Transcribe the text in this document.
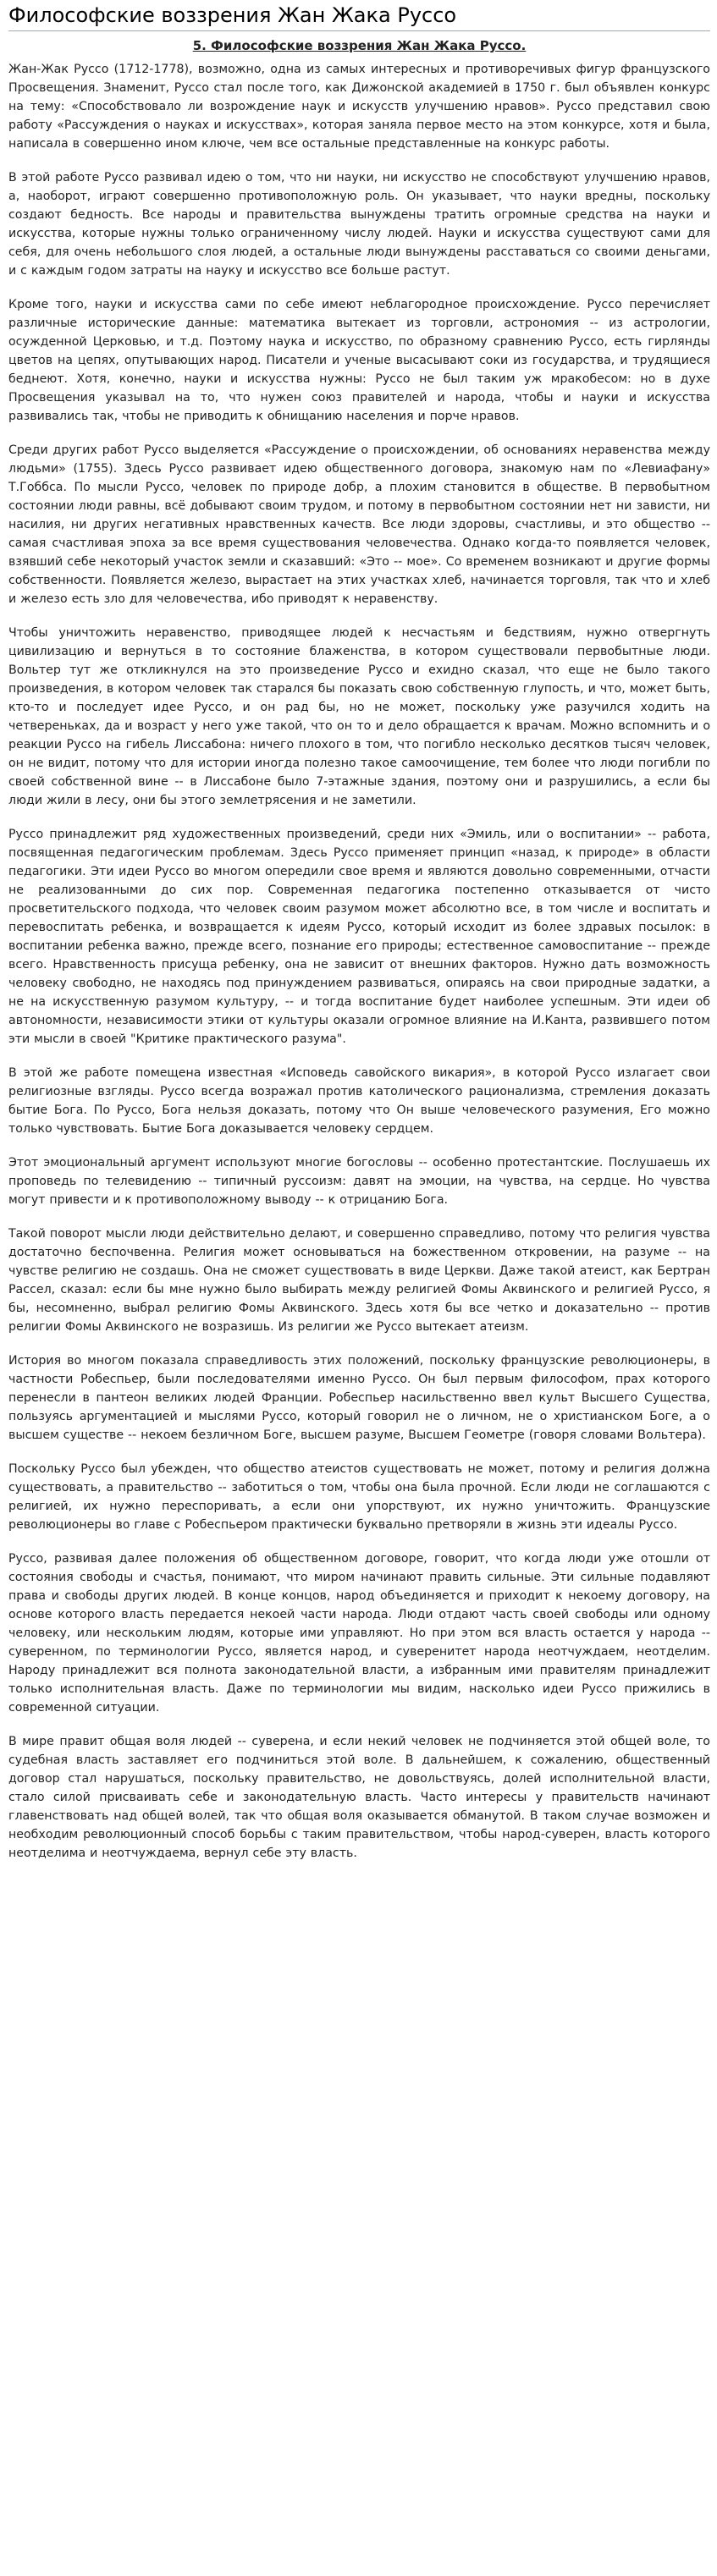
Философские воззрения Жан Жака Руссо
5. Философские воззрения Жан Жака Руссо.

Жан-Жак Руссо (1712-1778), возможно, одна из самых интересных и противоречивых фигур французского Просвещения. Знаменит, Руссо стал после того, как Дижонской академией в 1750 г. был объявлен конкурс на тему: «Способствовало ли возрождение наук и искусств улучшению нравов». Руссо представил свою работу «Рассуждения о науках и искусствах», которая заняла первое место на этом конкурсе, хотя и была, написала в совершенно ином ключе, чем все остальные представленные на конкурс работы.

В этой работе Руссо развивал идею о том, что ни науки, ни искусство не способствуют улучшению нравов, а, наоборот, играют совершенно противоположную роль. Он указывает, что науки вредны, поскольку создают бедность. Все народы и правительства вынуждены тратить огромные средства на науки и искусства, которые нужны только ограниченному числу людей. Науки и искусства существуют сами для себя, для очень небольшого слоя людей, а остальные люди вынуждены расставаться со своими деньгами, и с каждым годом затраты на науку и искусство все больше растут.

Кроме того, науки и искусства сами по себе имеют неблагородное происхождение. Руссо перечисляет различные исторические данные: математика вытекает из торговли, астрономия -- из астрологии, осужденной Церковью, и т.д. Поэтому наука и искусство, по образному сравнению Руссо, есть гирлянды цветов на цепях, опутывающих народ. Писатели и ученые высасывают соки из государства, и трудящиеся беднеют. Хотя, конечно, науки и искусства нужны: Руссо не был таким уж мракобесом: но в духе Просвещения указывал на то, что нужен союз правителей и народа, чтобы и науки и искусства развивались так, чтобы не приводить к обнищанию населения и порче нравов.

Среди других работ Руссо выделяется «Рассуждение о происхождении, об основаниях неравенства между людьми» (1755). Здесь Руссо развивает идею общественного договора, знакомую нам по «Левиафану» Т.Гоббса. По мысли Руссо, человек по природе добр, а плохим становится в обществе. В первобытном состоянии люди равны, всё добывают своим трудом, и потому в первобытном состоянии нет ни зависти, ни насилия, ни других негативных нравственных качеств. Все люди здоровы, счастливы, и это общество -- самая счастливая эпоха за все время существования человечества. Однако когда-то появляется человек, взявший себе некоторый участок земли и сказавший: «Это -- мое». Со временем возникают и другие формы собственности. Появляется железо, вырастает на этих участках хлеб, начинается торговля, так что и хлеб и железо есть зло для человечества, ибо приводят к неравенству.

Чтобы уничтожить неравенство, приводящее людей к несчастьям и бедствиям, нужно отвергнуть цивилизацию и вернуться в то состояние блаженства, в котором существовали первобытные люди. Вольтер тут же откликнулся на это произведение Руссо и ехидно сказал, что еще не было такого произведения, в котором человек так старался бы показать свою собственную глупость, и что, может быть, кто-то и последует идее Руссо, и он рад бы, но не может, поскольку уже разучился ходить на четвереньках, да и возраст у него уже такой, что он то и дело обращается к врачам. Можно вспомнить и о реакции Руссо на гибель Лиссабона: ничего плохого в том, что погибло несколько десятков тысяч человек, он не видит, потому что для истории иногда полезно такое самоочищение, тем более что люди погибли по своей собственной вине -- в Лиссабоне было 7-этажные здания, поэтому они и разрушились, а если бы люди жили в лесу, они бы этого землетрясения и не заметили.

Руссо принадлежит ряд художественных произведений, среди них «Эмиль, или о воспитании» -- работа, посвященная педагогическим проблемам. Здесь Руссо применяет принцип «назад, к природе» в области педагогики. Эти идеи Руссо во многом опередили свое время и являются довольно современными, отчасти не реализованными до сих пор. Современная педагогика постепенно отказывается от чисто просветительского подхода, что человек своим разумом может абсолютно все, в том числе и воспитать и перевоспитать ребенка, и возвращается к идеям Руссо, который исходит из более здравых посылок: в воспитании ребенка важно, прежде всего, познание его природы; естественное самовоспитание -- прежде всего. Нравственность присуща ребенку, она не зависит от внешних факторов. Нужно дать возможность человеку свободно, не находясь под принуждением развиваться, опираясь на свои природные задатки, а не на искусственную разумом культуру, -- и тогда воспитание будет наиболее успешным. Эти идеи об автономности, независимости этики от культуры оказали огромное влияние на И.Канта, развившего потом эти мысли в своей "Критике практического разума".

В этой же работе помещена известная «Исповедь савойского викария», в которой Руссо излагает свои религиозные взгляды. Руссо всегда возражал против католического рационализма, стремления доказать бытие Бога. По Руссо, Бога нельзя доказать, потому что Он выше человеческого разумения, Его можно только чувствовать. Бытие Бога доказывается человеку сердцем.

Этот эмоциональный аргумент используют многие богословы -- особенно протестантские. Послушаешь их проповедь по телевидению -- типичный руссоизм: давят на эмоции, на чувства, на сердце. Но чувства могут привести и к противоположному выводу -- к отрицанию Бога.

Такой поворот мысли люди действительно делают, и совершенно справедливо, потому что религия чувства достаточно беспочвенна. Религия может основываться на божественном откровении, на разуме -- на чувстве религию не создашь. Она не сможет существовать в виде Церкви. Даже такой атеист, как Бертран Рассел, сказал: если бы мне нужно было выбирать между религией Фомы Аквинского и религией Руссо, я бы, несомненно, выбрал религию Фомы Аквинского. Здесь хотя бы все четко и доказательно -- против религии Фомы Аквинского не возразишь. Из религии же Руссо вытекает атеизм.

История во многом показала справедливость этих положений, поскольку французские революционеры, в частности Робеспьер, были последователями именно Руссо. Он был первым философом, прах которого перенесли в пантеон великих людей Франции. Робеспьер насильственно ввел культ Высшего Существа, пользуясь аргументацией и мыслями Руссо, который говорил не о личном, не о христианском Боге, а о высшем существе -- некоем безличном Боге, высшем разуме, Высшем Геометре (говоря словами Вольтера).

Поскольку Руссо был убежден, что общество атеистов существовать не может, потому и религия должна существовать, а правительство -- заботиться о том, чтобы она была прочной. Если люди не соглашаются с религией, их нужно переспоривать, а если они упорствуют, их нужно уничтожить. Французские революционеры во главе с Робеспьером практически буквально претворяли в жизнь эти идеалы Руссо.

Руссо, развивая далее положения об общественном договоре, говорит, что когда люди уже отошли от состояния свободы и счастья, понимают, что миром начинают править сильные. Эти сильные подавляют права и свободы других людей. В конце концов, народ объединяется и приходит к некоему договору, на основе которого власть передается некоей части народа. Люди отдают часть своей свободы или одному человеку, или нескольким людям, которые ими управляют. Но при этом вся власть остается у народа -- суверенном, по терминологии Руссо, является народ, и суверенитет народа неотчуждаем, неотделим. Народу принадлежит вся полнота законодательной власти, а избранным ими правителям принадлежит только исполнительная власть. Даже по терминологии мы видим, насколько идеи Руссо прижились в современной ситуации.

В мире правит общая воля людей -- суверена, и если некий человек не подчиняется этой общей воле, то судебная власть заставляет его подчиниться этой воле. В дальнейшем, к сожалению, общественный договор стал нарушаться, поскольку правительство, не довольствуясь, долей исполнительной власти, стало силой присваивать себе и законодательную власть. Часто интересы у правительств начинают главенствовать над общей волей, так что общая воля оказывается обманутой. В таком случае возможен и необходим революционный способ борьбы с таким правительством, чтобы народ-суверен, власть которого неотделима и неотчуждаема, вернул себе эту власть.
